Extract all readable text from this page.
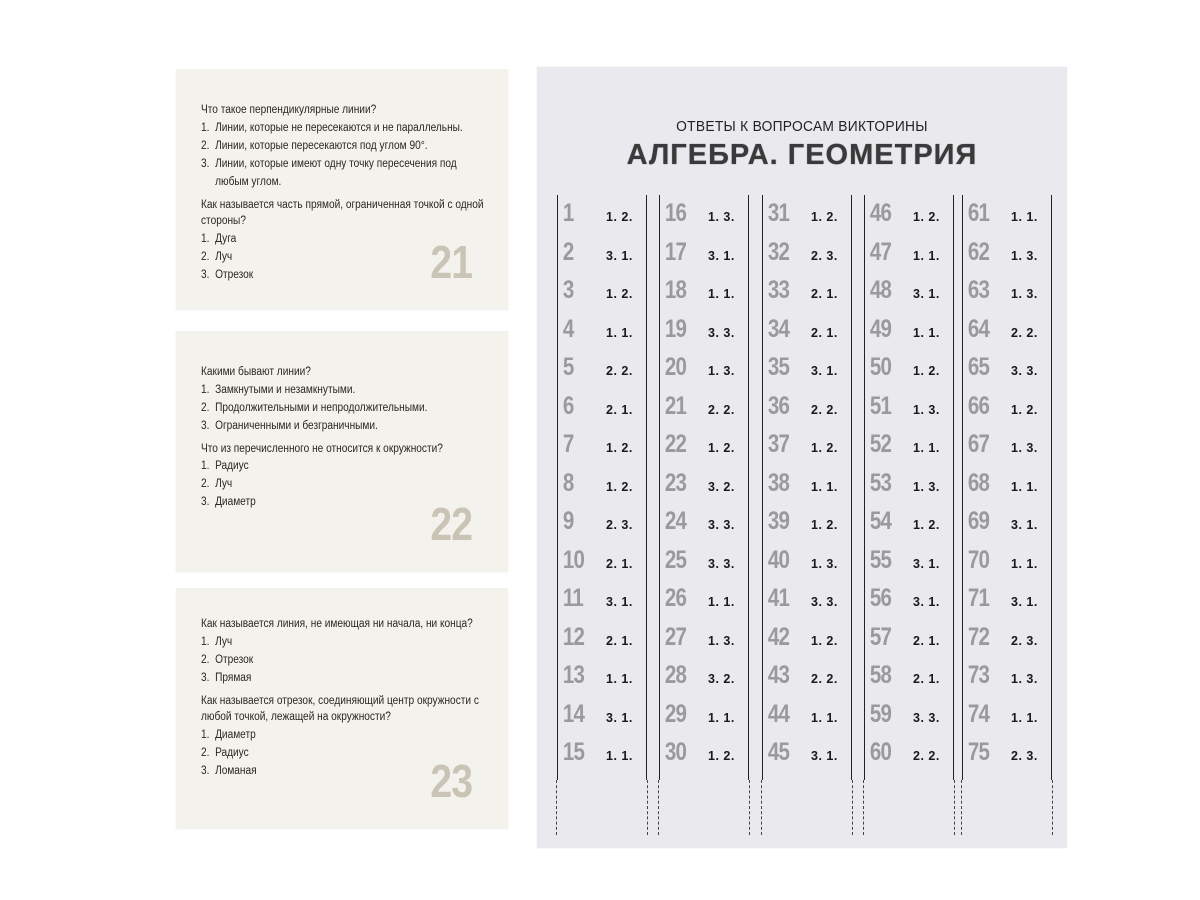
Что такое перпендикулярные линии?

1. Линии, которые не пересекаются и не параллельны.
2. Линии, которые пересекаются под углом 90°.
3. Линии, которые имеют одну точку пересечения под любым углом.

Как называется часть прямой, ограниченная точкой с одной стороны?

1. Дуга
2. Луч
3. Отрезок	21

Какими бывают линии?

1. Замкнутыми и незамкнутыми.
2. Продолжительными и непродолжительными.
3. Ограниченными и безграничными.

Что из перечисленного не относится к окружности?

1. Радиус
2. Луч
3. Диаметр	22

Как называется линия, не имеющая ни начала, ни конца?

1. Луч
2. Отрезок
3. Прямая

Как называется отрезок, соединяющий центр окружности с любой точкой, лежащей на окружности?

1. Диаметр
2. Радиус
3. Ломаная	23
ОТВЕТЫ К ВОПРОСАМ ВИКТОРИНЫ
АЛГЕБРА. ГЕОМЕТРИЯ
1	1. 2.
2	3. 1.
3	1. 2.
4	1. 1.
5	2. 2.
6	2. 1.
7	1. 2.
8	1. 2.
9	2. 3.
10	2. 1.
11	3. 1.
12	2. 1.
13	1. 1.
14	3. 1.
15	1. 1.
16	1. 3.
17	3. 1.
18	1. 1.
19	3. 3.
20	1. 3.
21	2. 2.
22	1. 2.
23	3. 2.
24	3. 3.
25	3. 3.
26	1. 1.
27	1. 3.
28	3. 2.
29	1. 1.
30	1. 2.
31	1. 2.
32	2. 3.
33	2. 1.
34	2. 1.
35	3. 1.
36	2. 2.
37	1. 2.
38	1. 1.
39	1. 2.
40	1. 3.
41	3. 3.
42	1. 2.
43	2. 2.
44	1. 1.
45	3. 1.
46	1. 2.
47	1. 1.
48	3. 1.
49	1. 1.
50	1. 2.
51	1. 3.
52	1. 1.
53	1. 3.
54	1. 2.
55	3. 1.
56	3. 1.
57	2. 1.
58	2. 1.
59	3. 3.
60	2. 2.
61	1. 1.
62	1. 3.
63	1. 3.
64	2. 2.
65	3. 3.
66	1. 2.
67	1. 3.
68	1. 1.
69	3. 1.
70	1. 1.
71	3. 1.
72	2. 3.
73	1. 3.
74	1. 1.
75	2. 3.
